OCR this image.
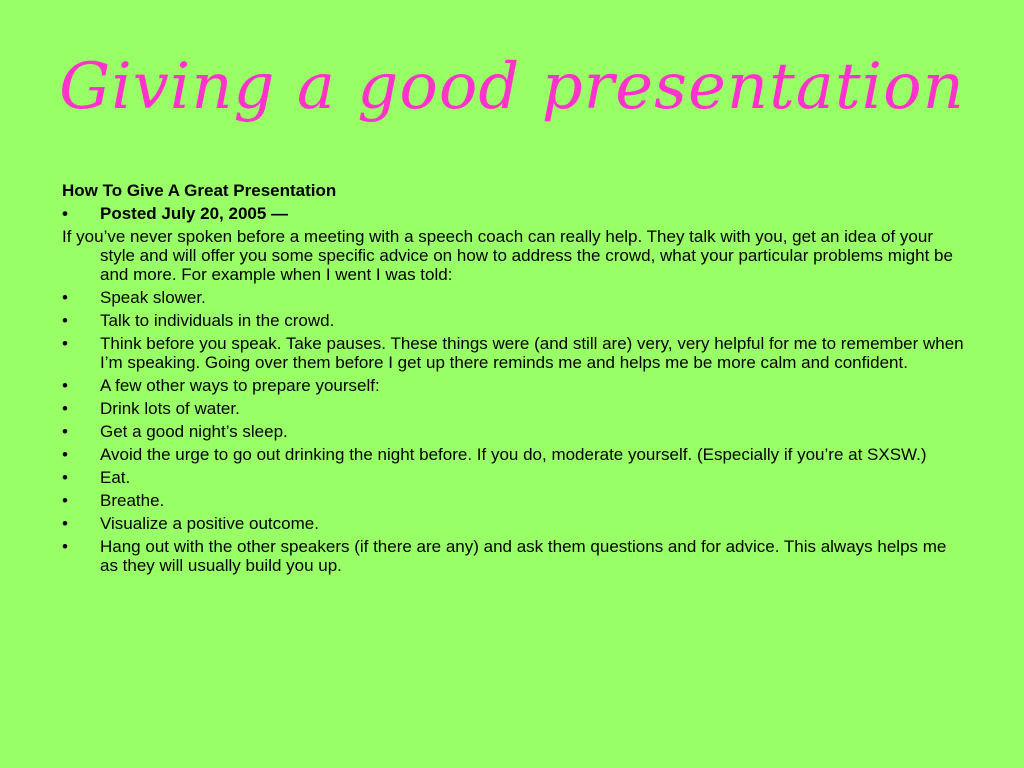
Giving a good presentation
How To Give A Great Presentation
• Posted July 20, 2005 —
If you’ve never spoken before a meeting with a speech coach can really help. They talk with you, get an idea of your style and will offer you some specific advice on how to address the crowd, what your particular problems might be and more. For example when I went I was told:
• Speak slower.
• Talk to individuals in the crowd.
• Think before you speak. Take pauses. These things were (and still are) very, very helpful for me to remember when I’m speaking. Going over them before I get up there reminds me and helps me be more calm and confident.
• A few other ways to prepare yourself:
• Drink lots of water.
• Get a good night’s sleep.
• Avoid the urge to go out drinking the night before. If you do, moderate yourself. (Especially if you’re at SXSW.)
• Eat.
• Breathe.
• Visualize a positive outcome.
• Hang out with the other speakers (if there are any) and ask them questions and for advice. This always helps me as they will usually build you up.
